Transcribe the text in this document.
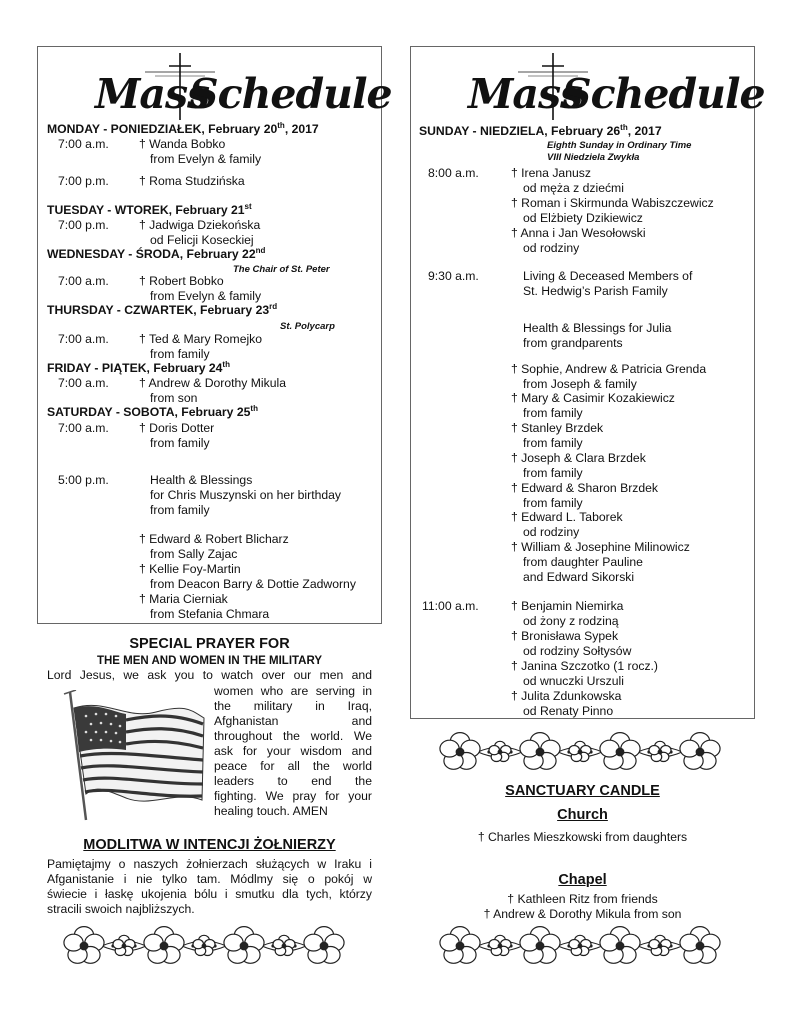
Mass
Schedule
MONDAY - PONIEDZIAŁEK, February 20th, 2017
7:00 a.m. † Wanda Bobko
from Evelyn & family
7:00 p.m. † Roma Studzińska
TUESDAY - WTOREK, February 21st
7:00 p.m. † Jadwiga Dziekońska
od Felicji Koseckiej
WEDNESDAY - ŚRODA, February 22nd
The Chair of St. Peter
7:00 a.m. † Robert Bobko
from Evelyn & family
THURSDAY - CZWARTEK, February 23rd
St. Polycarp
7:00 a.m. † Ted & Mary Romejko
from family
FRIDAY - PIĄTEK, February 24th
7:00 a.m. † Andrew & Dorothy Mikula
from son
SATURDAY - SOBOTA, February 25th
7:00 a.m. † Doris Dotter
from family
5:00 p.m.	Health & Blessings
for Chris Muszynski on her birthday
from family
† Edward & Robert Blicharz
from Sally Zajac
† Kellie Foy-Martin
from Deacon Barry & Dottie Zadworny
† Maria Cierniak
from Stefania Chmara
Mass
Schedule
SUNDAY - NIEDZIELA, February 26th, 2017
Eighth Sunday in Ordinary Time
VIII Niedziela Zwykła
8:00 a.m.	† Irena Janusz
od męża z dziećmi
† Roman i Skirmunda Wabiszczewicz
od Elżbiety Dzikiewicz
† Anna i Jan Wesołowski
od rodziny
9:30 a.m.	Living & Deceased Members of
St. Hedwig’s Parish Family
Health & Blessings for Julia
from grandparents
† Sophie, Andrew & Patricia Grenda
from Joseph & family
† Mary & Casimir Kozakiewicz
from family
† Stanley Brzdek
from family
† Joseph & Clara Brzdek
from family
† Edward & Sharon Brzdek
from family
† Edward L. Taborek
od rodziny
† William & Josephine Milinowicz
from daughter Pauline
and Edward Sikorski
11:00 a.m.	† Benjamin Niemirka
od żony z rodziną
† Bronisława Sypek
od rodziny Sołtysów
† Janina Szczotko (1 rocz.)
od wnuczki Urszuli
† Julita Zdunkowska
od Renaty Pinno
SPECIAL PRAYER FOR
THE MEN AND WOMEN IN THE MILITARY
Lord Jesus, we ask you to watch over our men and
women who are serving in
the military in Iraq,
Afghanistan and
throughout the world. We
ask for your wisdom and
peace for all the world
leaders to end the
fighting. We pray for your
healing touch. AMEN
MODLITWA W INTENCJI ŻOŁNIERZY
Pamiętajmy o naszych żołnierzach służących w Iraku i
Afganistanie i nie tylko tam. Módlmy się o pokój w
świecie i łaskę ukojenia bólu i smutku dla tych, którzy
stracili swoich najbliższych.
SANCTUARY CANDLE
Church
† Charles Mieszkowski from daughters
Chapel
† Kathleen Ritz from friends
† Andrew & Dorothy Mikula from son
